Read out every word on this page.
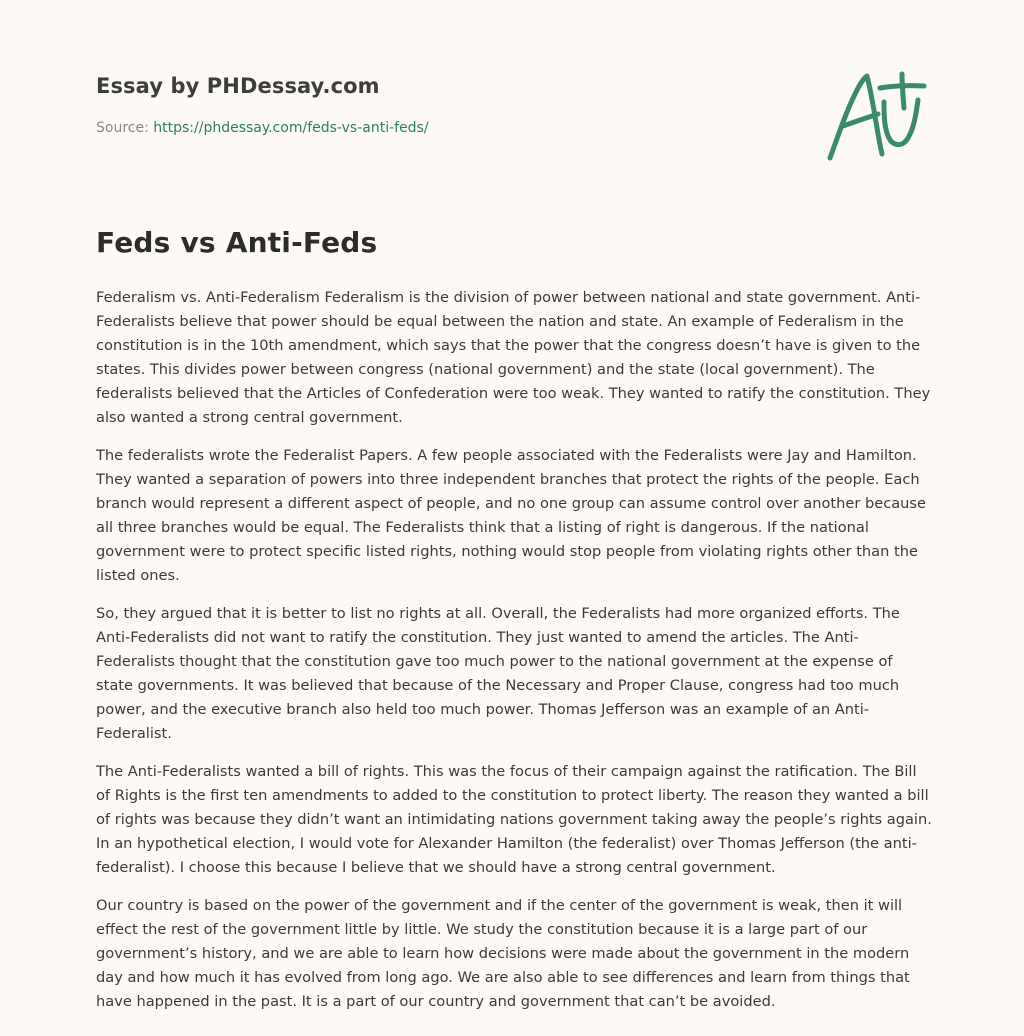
Essay by PHDessay.com
Source: https://phdessay.com/feds-vs-anti-feds/
Feds vs Anti-Feds

Federalism vs. Anti-Federalism Federalism is the division of power between national and state government. Anti-Federalists believe that power should be equal between the nation and state. An example of Federalism in the constitution is in the 10th amendment, which says that the power that the congress doesn’t have is given to the states. This divides power between congress (national government) and the state (local government). The federalists believed that the Articles of Confederation were too weak. They wanted to ratify the constitution. They also wanted a strong central government.

The federalists wrote the Federalist Papers. A few people associated with the Federalists were Jay and Hamilton. They wanted a separation of powers into three independent branches that protect the rights of the people. Each branch would represent a different aspect of people, and no one group can assume control over another because all three branches would be equal. The Federalists think that a listing of right is dangerous. If the national government were to protect specific listed rights, nothing would stop people from violating rights other than the listed ones.

So, they argued that it is better to list no rights at all. Overall, the Federalists had more organized efforts. The Anti-Federalists did not want to ratify the constitution. They just wanted to amend the articles. The Anti-Federalists thought that the constitution gave too much power to the national government at the expense of state governments. It was believed that because of the Necessary and Proper Clause, congress had too much power, and the executive branch also held too much power. Thomas Jefferson was an example of an Anti-Federalist.

The Anti-Federalists wanted a bill of rights. This was the focus of their campaign against the ratification. The Bill of Rights is the first ten amendments to added to the constitution to protect liberty. The reason they wanted a bill of rights was because they didn’t want an intimidating nations government taking away the people’s rights again. In an hypothetical election, I would vote for Alexander Hamilton (the federalist) over Thomas Jefferson (the anti-federalist). I choose this because I believe that we should have a strong central government.

Our country is based on the power of the government and if the center of the government is weak, then it will effect the rest of the government little by little. We study the constitution because it is a large part of our government’s history, and we are able to learn how decisions were made about the government in the modern day and how much it has evolved from long ago. We are also able to see differences and learn from things that have happened in the past. It is a part of our country and government that can’t be avoided.
